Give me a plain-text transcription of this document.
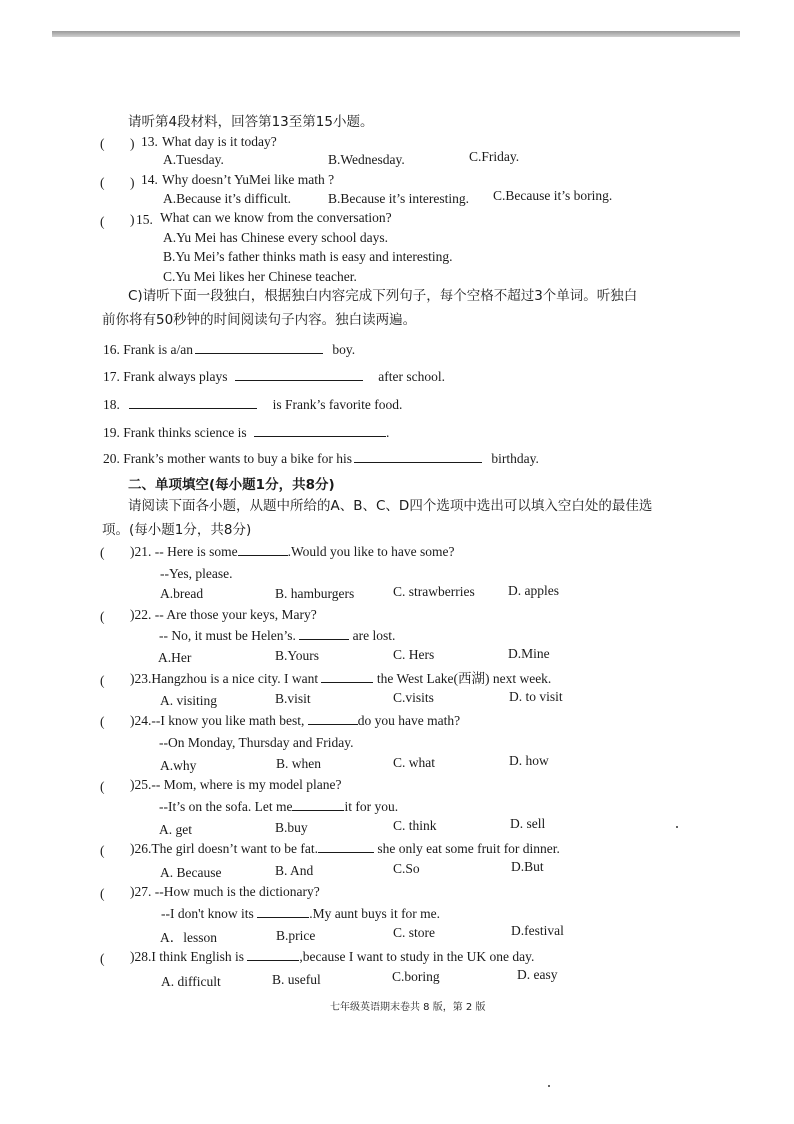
请听第4段材料，回答第13至第15小题。
( ) 13. What day is it today?
A.Tuesday.	B.Wednesday.	C.Friday.
( ) 14. Why doesn’t YuMei like math ?
A.Because it’s difficult.	B.Because it’s interesting. C.Because it’s boring.
( ) 15. What can we know from the conversation?
A.Yu Mei has Chinese every school days.
B.Yu Mei’s father thinks math is easy and interesting.
C.Yu Mei likes her Chinese teacher.
C)请听下面一段独白，根据独白内容完成下列句子，每个空格不超过3个单词。听独白
前你将有50秒钟的时间阅读句子内容。独白读两遍。
16. Frank is a/an	boy.
17. Frank always plays	after school.
18.	is Frank’s favorite food.
19. Frank thinks science is	.
20. Frank’s mother wants to buy a bike for his	birthday.
二、单项填空(每小题1分，共8分)
请阅读下面各小题，从题中所给的A、B、C、D四个选项中选出可以填入空白处的最佳选
项。(每小题1分，共8分)
( )21. -- Here is some	.Would you like to have some?
--Yes, please.
A.bread	B. hamburgers	C. strawberries D. apples
( )22. -- Are those your keys, Mary?
-- No, it must be Helen’s.	are lost.
A.Her	B.Yours	C. Hers	D.Mine
( )23.Hangzhou is a nice city. I want	the West Lake(西湖) next week.
A. visiting	B.visit	C.visits	D. to visit
( )24.--I know you like math best,	do you have math?
--On Monday, Thursday and Friday.
A.why	B. when	C. what	D. how
( )25.-- Mom, where is my model plane?
--It’s on the sofa. Let me	it for you.
A. get	B.buy	C. think	D. sell
( )26.The girl doesn’t want to be fat.	she only eat some fruit for dinner.
A. Because	B. And	C.So	D.But
( )27. --How much is the dictionary?
--I don't know its	.My aunt buys it for me.
A．lesson	B.price	C. store	D.festival
( )28.I think English is	,because I want to study in the UK one day.
A. difficult	B. useful	C.boring	D. easy
七年级英语期末卷共 8 版，第 2 版
